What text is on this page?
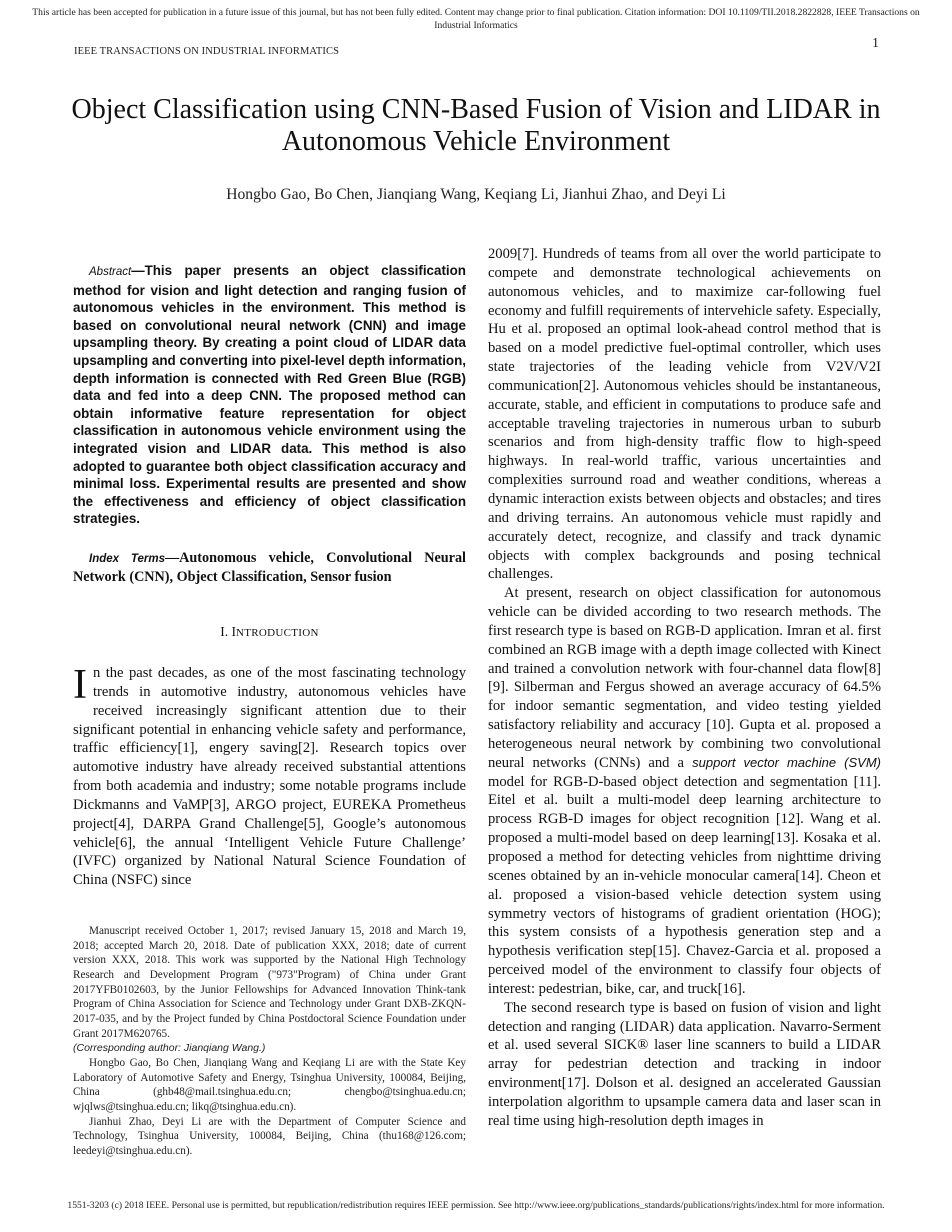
This article has been accepted for publication in a future issue of this journal, but has not been fully edited. Content may change prior to final publication. Citation information: DOI 10.1109/TII.2018.2822828, IEEE Transactions on Industrial Informatics
IEEE TRANSACTIONS ON INDUSTRIAL INFORMATICS
1
Object Classification using CNN-Based Fusion of Vision and LIDAR in Autonomous Vehicle Environment
Hongbo Gao, Bo Chen, Jianqiang Wang, Keqiang Li, Jianhui Zhao, and Deyi Li

Abstract—This paper presents an object classification method for vision and light detection and ranging fusion of autonomous vehicles in the environment. This method is based on convolutional neural network (CNN) and image upsampling theory. By creating a point cloud of LIDAR data upsampling and converting into pixel-level depth information, depth information is connected with Red Green Blue (RGB) data and fed into a deep CNN. The proposed method can obtain informative feature representation for object classification in autonomous vehicle environment using the integrated vision and LIDAR data. This method is also adopted to guarantee both object classification accuracy and minimal loss. Experimental results are presented and show the effectiveness and efficiency of object classification strategies.

Index Terms—Autonomous vehicle, Convolutional Neural Network (CNN), Object Classification, Sensor fusion
I. INTRODUCTION
In the past decades, as one of the most fascinating technology trends in automotive industry, autonomous vehicles have received increasingly significant attention due to their significant potential in enhancing vehicle safety and performance, traffic efficiency[1], engery saving[2]. Research topics over automotive industry have already received substantial attentions from both academia and industry; some notable programs include Dickmanns and VaMP[3], ARGO project, EUREKA Prometheus project[4], DARPA Grand Challenge[5], Google’s autonomous vehicle[6], the annual ‘Intelligent Vehicle Future Challenge’ (IVFC) organized by National Natural Science Foundation of China (NSFC) since

Manuscript received October 1, 2017; revised January 15, 2018 and March 19, 2018; accepted March 20, 2018. Date of publication XXX, 2018; date of current version XXX, 2018. This work was supported by the National High Technology Research and Development Program ("973"Program) of China under Grant 2017YFB0102603, by the Junior Fellowships for Advanced Innovation Think-tank Program of China Association for Science and Technology under Grant DXB-ZKQN-2017-035, and by the Project funded by China Postdoctoral Science Foundation under Grant 2017M620765.

(Corresponding author: Jianqiang Wang.)

Hongbo Gao, Bo Chen, Jianqiang Wang and Keqiang Li are with the State Key Laboratory of Automotive Safety and Energy, Tsinghua University, 100084, Beijing, China (ghb48@mail.tsinghua.edu.cn; chengbo@tsinghua.edu.cn; wjqlws@tsinghua.edu.cn; likq@tsinghua.edu.cn).

Jianhui Zhao, Deyi Li are with the Department of Computer Science and Technology, Tsinghua University, 100084, Beijing, China (thu168@126.com; leedeyi@tsinghua.edu.cn).

2009[7]. Hundreds of teams from all over the world participate to compete and demonstrate technological achievements on autonomous vehicles, and to maximize car-following fuel economy and fulfill requirements of intervehicle safety. Especially, Hu et al. proposed an optimal look-ahead control method that is based on a model predictive fuel-optimal controller, which uses state trajectories of the leading vehicle from V2V/V2I communication[2]. Autonomous vehicles should be instantaneous, accurate, stable, and efficient in computations to produce safe and acceptable traveling trajectories in numerous urban to suburb scenarios and from high-density traffic flow to high-speed highways. In real-world traffic, various uncertainties and complexities surround road and weather conditions, whereas a dynamic interaction exists between objects and obstacles; and tires and driving terrains. An autonomous vehicle must rapidly and accurately detect, recognize, and classify and track dynamic objects with complex backgrounds and posing technical challenges.

At present, research on object classification for autonomous vehicle can be divided according to two research methods. The first research type is based on RGB-D application. Imran et al. first combined an RGB image with a depth image collected with Kinect and trained a convolution network with four-channel data flow[8][9]. Silberman and Fergus showed an average accuracy of 64.5% for indoor semantic segmentation, and video testing yielded satisfactory reliability and accuracy [10]. Gupta et al. proposed a heterogeneous neural network by combining two convolutional neural networks (CNNs) and a support vector machine (SVM) model for RGB-D-based object detection and segmentation [11]. Eitel et al. built a multi-model deep learning architecture to process RGB-D images for object recognition [12]. Wang et al. proposed a multi-model based on deep learning[13]. Kosaka et al. proposed a method for detecting vehicles from nighttime driving scenes obtained by an in-vehicle monocular camera[14]. Cheon et al. proposed a vision-based vehicle detection system using symmetry vectors of histograms of gradient orientation (HOG); this system consists of a hypothesis generation step and a hypothesis verification step[15]. Chavez-Garcia et al. proposed a perceived model of the environment to classify four objects of interest: pedestrian, bike, car, and truck[16].

The second research type is based on fusion of vision and light detection and ranging (LIDAR) data application. Navarro-Serment et al. used several SICK® laser line scanners to build a LIDAR array for pedestrian detection and tracking in indoor environment[17]. Dolson et al. designed an accelerated Gaussian interpolation algorithm to upsample camera data and laser scan in real time using high-resolution depth images in

1551-3203 (c) 2018 IEEE. Personal use is permitted, but republication/redistribution requires IEEE permission. See http://www.ieee.org/publications_standards/publications/rights/index.html for more information.
